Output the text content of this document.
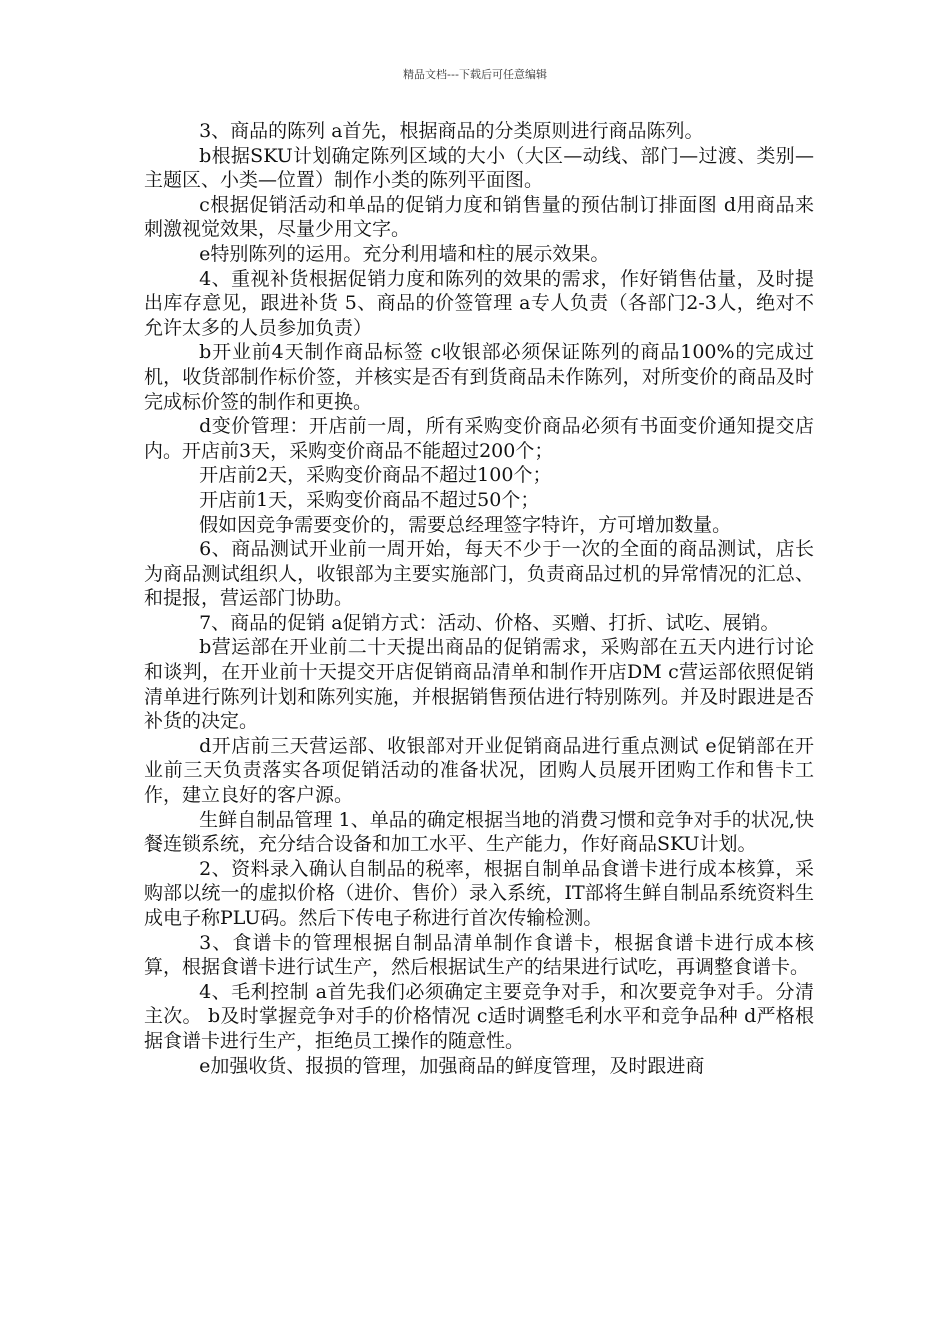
精品文档---下载后可任意编辑

3、商品的陈列 a首先，根据商品的分类原则进行商品陈列。

b根据SKU计划确定陈列区域的大小（大区—动线、部门—过渡、类别—主题区、小类—位置）制作小类的陈列平面图。

c根据促销活动和单品的促销力度和销售量的预估制订排面图 d用商品来刺激视觉效果，尽量少用文字。

e特别陈列的运用。充分利用墙和柱的展示效果。

4、重视补货根据促销力度和陈列的效果的需求，作好销售估量，及时提出库存意见，跟进补货 5、商品的价签管理 a专人负责（各部门2-3人，绝对不允许太多的人员参加负责）

b开业前4天制作商品标签 c收银部必须保证陈列的商品100%的完成过机，收货部制作标价签，并核实是否有到货商品未作陈列，对所变价的商品及时完成标价签的制作和更换。

d变价管理：开店前一周，所有采购变价商品必须有书面变价通知提交店内。开店前3天，采购变价商品不能超过200个；

开店前2天，采购变价商品不超过100个；

开店前1天，采购变价商品不超过50个；

假如因竞争需要变价的，需要总经理签字特许，方可增加数量。

6、商品测试开业前一周开始，每天不少于一次的全面的商品测试，店长为商品测试组织人，收银部为主要实施部门，负责商品过机的异常情况的汇总、和提报，营运部门协助。

7、商品的促销 a促销方式：活动、价格、买赠、打折、试吃、展销。

b营运部在开业前二十天提出商品的促销需求，采购部在五天内进行讨论和谈判，在开业前十天提交开店促销商品清单和制作开店DM c营运部依照促销清单进行陈列计划和陈列实施，并根据销售预估进行特别陈列。并及时跟进是否补货的决定。

d开店前三天营运部、收银部对开业促销商品进行重点测试 e促销部在开业前三天负责落实各项促销活动的准备状况，团购人员展开团购工作和售卡工作，建立良好的客户源。

生鲜自制品管理 1、单品的确定根据当地的消费习惯和竞争对手的状况,快餐连锁系统，充分结合设备和加工水平、生产能力，作好商品SKU计划。

2、资料录入确认自制品的税率，根据自制单品食谱卡进行成本核算，采购部以统一的虚拟价格（进价、售价）录入系统，IT部将生鲜自制品系统资料生成电子称PLU码。然后下传电子称进行首次传输检测。

3、食谱卡的管理根据自制品清单制作食谱卡，根据食谱卡进行成本核算，根据食谱卡进行试生产，然后根据试生产的结果进行试吃，再调整食谱卡。

4、毛利控制 a首先我们必须确定主要竞争对手，和次要竞争对手。分清主次。 b及时掌握竞争对手的价格情况 c适时调整毛利水平和竞争品种 d严格根据食谱卡进行生产，拒绝员工操作的随意性。

e加强收货、报损的管理，加强商品的鲜度管理，及时跟进商
